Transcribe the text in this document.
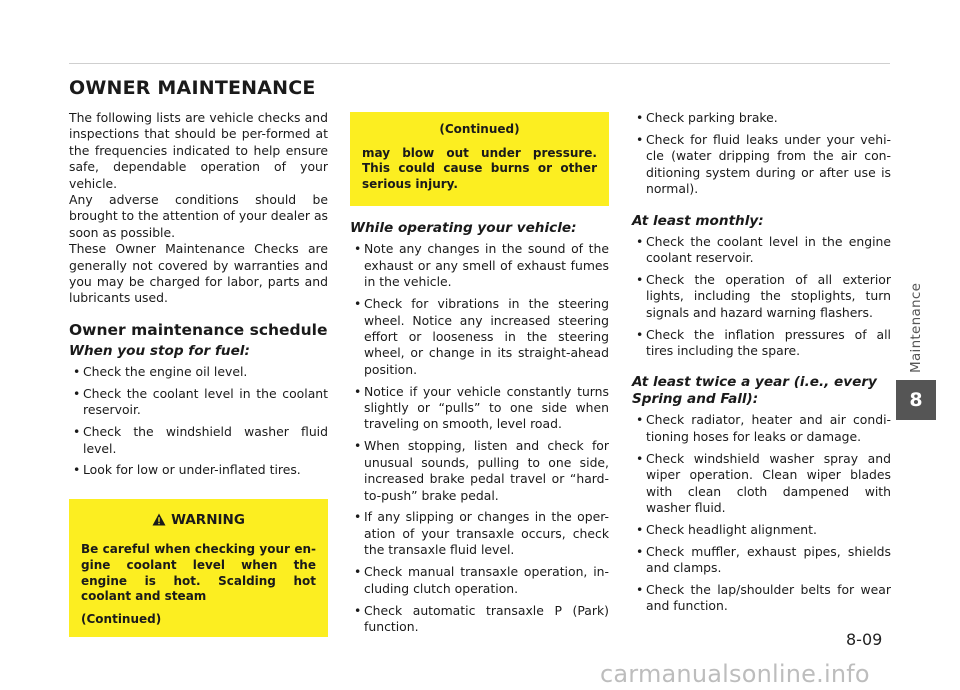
OWNER MAINTENANCE

The following lists are vehicle checks and inspections that should be per-formed at the frequencies indicated to help ensure safe, dependable operation of your vehicle.

Any adverse conditions should be brought to the attention of your dealer as soon as possible.

These Owner Maintenance Checks are generally not covered by warranties and you may be charged for labor, parts and lubricants used.

Owner maintenance schedule
When you stop for fuel:
• Check the engine oil level.
• Check the coolant level in the coolant reservoir.
• Check the windshield washer fluid level.
• Look for low or under-inflated tires.
WARNING

Be careful when checking your en-gine coolant level when the engine is hot. Scalding hot coolant and steam

(Continued)

(Continued)

may blow out under pressure. This could cause burns or other serious injury.

While operating your vehicle:
• Note any changes in the sound of the exhaust or any smell of exhaust fumes in the vehicle.
• Check for vibrations in the steering wheel. Notice any increased steering effort or looseness in the steering wheel, or change in its straight-ahead position.
• Notice if your vehicle constantly turns slightly or “pulls” to one side when traveling on smooth, level road.
• When stopping, listen and check for unusual sounds, pulling to one side, increased brake pedal travel or “hard-to-push” brake pedal.
• If any slipping or changes in the oper-ation of your transaxle occurs, check the transaxle fluid level.
• Check manual transaxle operation, in-cluding clutch operation.
• Check automatic transaxle P (Park) function.
• Check parking brake.
• Check for fluid leaks under your vehi-cle (water dripping from the air con-ditioning system during or after use is normal).
At least monthly:
• Check the coolant level in the engine coolant reservoir.
• Check the operation of all exterior lights, including the stoplights, turn signals and hazard warning flashers.
• Check the inflation pressures of all tires including the spare.
At least twice a year (i.e., every Spring and Fall):
• Check radiator, heater and air condi-tioning hoses for leaks or damage.
• Check windshield washer spray and wiper operation. Clean wiper blades with clean cloth dampened with washer fluid.
• Check headlight alignment.
• Check muffler, exhaust pipes, shields and clamps.
• Check the lap/shoulder belts for wear and function.
Maintenance
8
8-09
carmanualsonline.info
